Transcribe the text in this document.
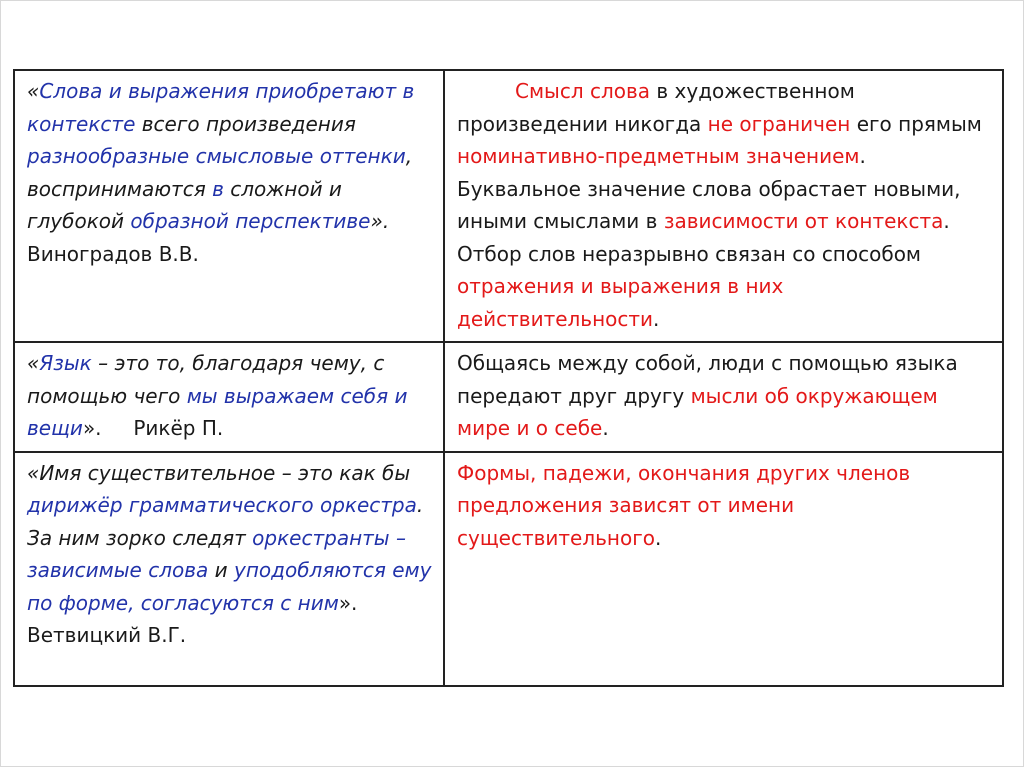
«Слова и выражения приобретают в контексте всего произведения разнообразные смысловые оттенки, воспринимаются в сложной и глубокой образной перспективе». Виноградов В.В.	Смысл слова в художественном произведении никогда не ограничен его прямым номинативно-предметным значением. Буквальное значение слова обрастает новыми, иными смыслами в зависимости от контекста. Отбор слов неразрывно связан со способом отражения и выражения в них действительности.
«Язык – это то, благодаря чему, с помощью чего мы выражаем себя и вещи».     Рикёр П.	Общаясь между собой, люди с помощью языка передают друг другу мысли об окружающем мире и о себе.
«Имя существительное – это как бы дирижёр грамматического оркестра. За ним зорко следят оркестранты – зависимые слова и уподобляются ему по форме, согласуются с ним».  Ветвицкий В.Г.	Формы, падежи, окончания других членов предложения зависят от имени существительного.
